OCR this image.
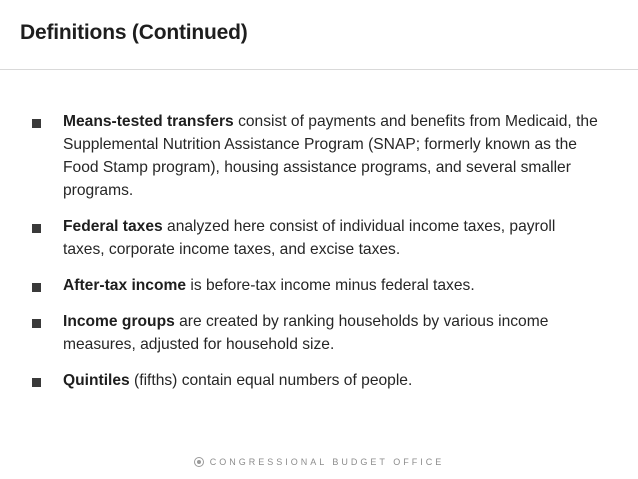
Definitions (Continued)
Means-tested transfers consist of payments and benefits from Medicaid, the Supplemental Nutrition Assistance Program (SNAP; formerly known as the Food Stamp program), housing assistance programs, and several smaller programs.
Federal taxes analyzed here consist of individual income taxes, payroll taxes, corporate income taxes, and excise taxes.
After-tax income is before-tax income minus federal taxes.
Income groups are created by ranking households by various income measures, adjusted for household size.
Quintiles (fifths) contain equal numbers of people.
CONGRESSIONAL BUDGET OFFICE
